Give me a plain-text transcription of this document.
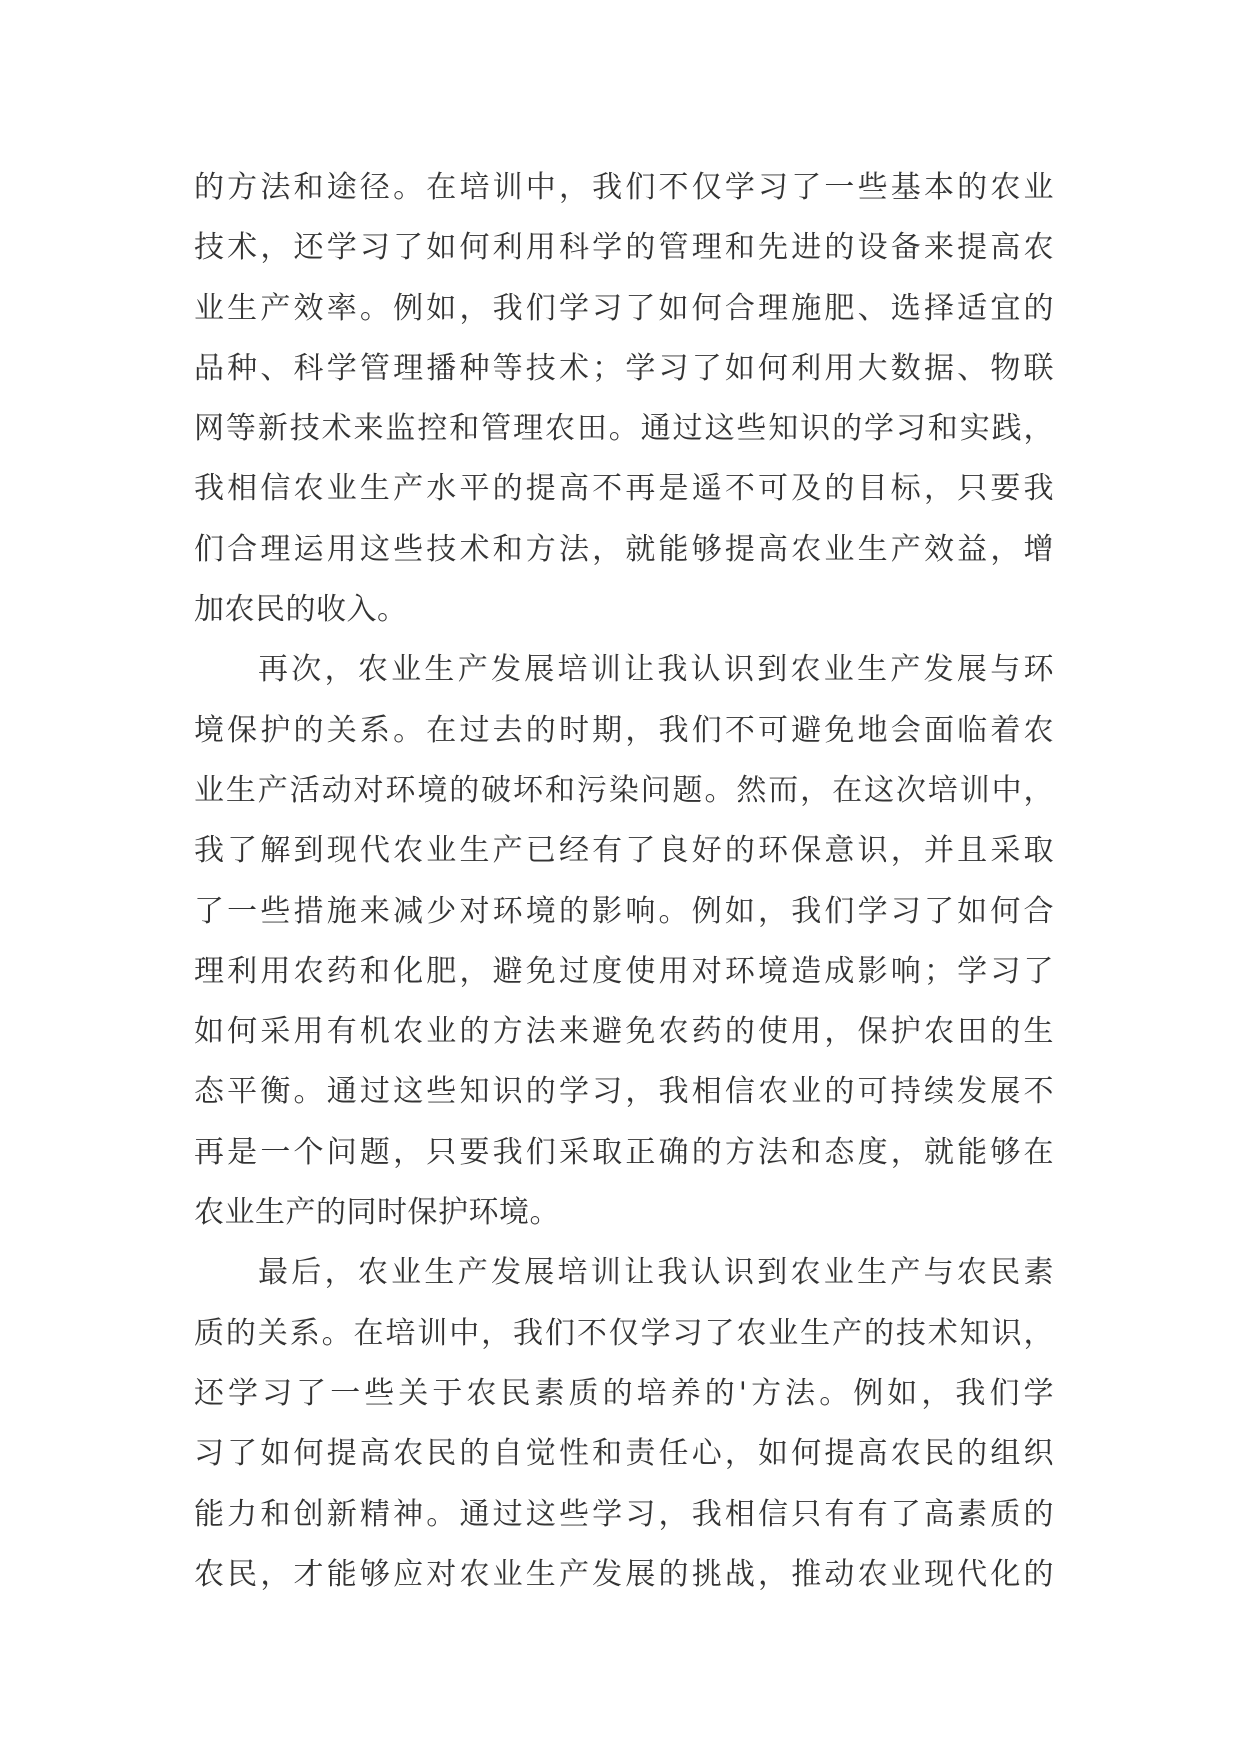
的方法和途径。在培训中，我们不仅学习了一些基本的农业
技术，还学习了如何利用科学的管理和先进的设备来提高农
业生产效率。例如，我们学习了如何合理施肥、选择适宜的
品种、科学管理播种等技术；学习了如何利用大数据、物联
网等新技术来监控和管理农田。通过这些知识的学习和实践，
我相信农业生产水平的提高不再是遥不可及的目标，只要我
们合理运用这些技术和方法，就能够提高农业生产效益，增
加农民的收入。
再次，农业生产发展培训让我认识到农业生产发展与环
境保护的关系。在过去的时期，我们不可避免地会面临着农
业生产活动对环境的破坏和污染问题。然而，在这次培训中，
我了解到现代农业生产已经有了良好的环保意识，并且采取
了一些措施来减少对环境的影响。例如，我们学习了如何合
理利用农药和化肥，避免过度使用对环境造成影响；学习了
如何采用有机农业的方法来避免农药的使用，保护农田的生
态平衡。通过这些知识的学习，我相信农业的可持续发展不
再是一个问题，只要我们采取正确的方法和态度，就能够在
农业生产的同时保护环境。
最后，农业生产发展培训让我认识到农业生产与农民素
质的关系。在培训中，我们不仅学习了农业生产的技术知识，
还学习了一些关于农民素质的培养的'方法。例如，我们学
习了如何提高农民的自觉性和责任心，如何提高农民的组织
能力和创新精神。通过这些学习，我相信只有有了高素质的
农民，才能够应对农业生产发展的挑战，推动农业现代化的
